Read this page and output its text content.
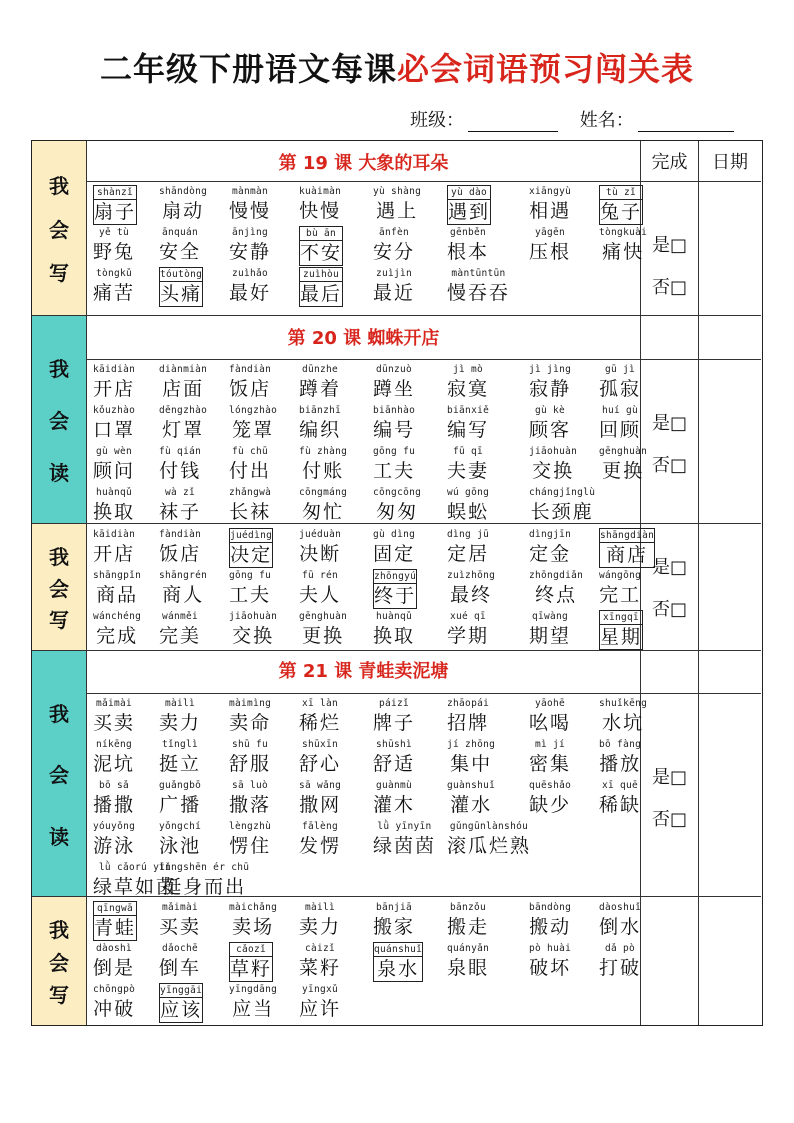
二年级下册语文每课必会词语预习闯关表
班级：	姓名：
我
会
写
第 19 课 大象的耳朵
shànzǐ
扇子
shāndòng
扇动
mànmàn
慢慢
kuàimàn
快慢
yù shàng
遇上
yù dào
遇到
xiāngyù
相遇
tù zǐ
兔子
yě tù
野兔
ānquán
安全
ānjìng
安静
bù ān
不安
ānfèn
安分
gēnběn
根本
yāgēn
压根
tòngkuài
痛快
tòngkǔ
痛苦
tóutòng
头痛
zuìhǎo
最好
zuìhòu
最后
zuìjìn
最近
màntūntūn
慢吞吞
完成
是□
否□
日期
我
会
读
第 20 课 蜘蛛开店
kāidiàn
开店
diànmiàn
店面
fàndiàn
饭店
dūnzhe
蹲着
dūnzuò
蹲坐
jì mò
寂寞
jì jìng
寂静
gū jì
孤寂
kǒuzhào
口罩
dēngzhào
灯罩
lóngzhào
笼罩
biānzhī
编织
biānhào
编号
biānxiě
编写
gù kè
顾客
huí gù
回顾
gù wèn
顾问
fù qián
付钱
fù chū
付出
fù zhàng
付账
gōng fu
工夫
fū qī
夫妻
jiāohuàn
交换
gēnghuàn
更换
huànqǔ
换取
wà zǐ
袜子
zhǎngwà
长袜
cōngmáng
匆忙
cōngcōng
匆匆
wú gōng
蜈蚣
chángjǐnglù
长颈鹿
是□
否□
我
会
写
kāidiàn
开店
fàndiàn
饭店
juédìng
决定
juéduàn
决断
gù dìng
固定
dìng jū
定居
dìngjīn
定金
shāngdiàn
商店
shāngpǐn
商品
shāngrén
商人
gōng fu
工夫
fū rén
夫人
zhōngyú
终于
zuìzhōng
最终
zhōngdiǎn
终点
wángōng
完工
wánchéng
完成
wánměi
完美
jiāohuàn
交换
gēnghuàn
更换
huànqǔ
换取
xué qī
学期
qīwàng
期望
xīngqī
星期
是□
否□
我
会
读
第 21 课 青蛙卖泥塘
mǎimài
买卖
màilì
卖力
màimìng
卖命
xī làn
稀烂
páizǐ
牌子
zhāopái
招牌
yāohē
吆喝
shuǐkēng
水坑
níkēng
泥坑
tǐnglì
挺立
shū fu
舒服
shūxīn
舒心
shūshì
舒适
jí zhōng
集中
mì jí
密集
bō fàng
播放
bō sǎ
播撒
guǎngbō
广播
sā luò
撒落
sā wǎng
撒网
guànmù
灌木
guànshuǐ
灌水
quēshǎo
缺少
xī quē
稀缺
yóuyǒng
游泳
yǒngchí
泳池
lèngzhù
愣住
fālèng
发愣
lǜ yīnyīn
绿茵茵
gǔngūnlànshóu
滚瓜烂熟
lǜ cǎorú yīn
绿草如茵
tǐngshēn ér chū
挺身而出
是□
否□
我
会
写
qīngwā
青蛙
mǎimài
买卖
màichǎng
卖场
màilì
卖力
bānjiā
搬家
bānzǒu
搬走
bāndòng
搬动
dàoshuǐ
倒水
dàoshì
倒是
dǎochē
倒车
cǎozǐ
草籽
càizǐ
菜籽
quánshuǐ
泉水
quányǎn
泉眼
pò huài
破坏
dǎ pò
打破
chōngpò
冲破
yīnggāi
应该
yīngdāng
应当
yīngxǔ
应许
